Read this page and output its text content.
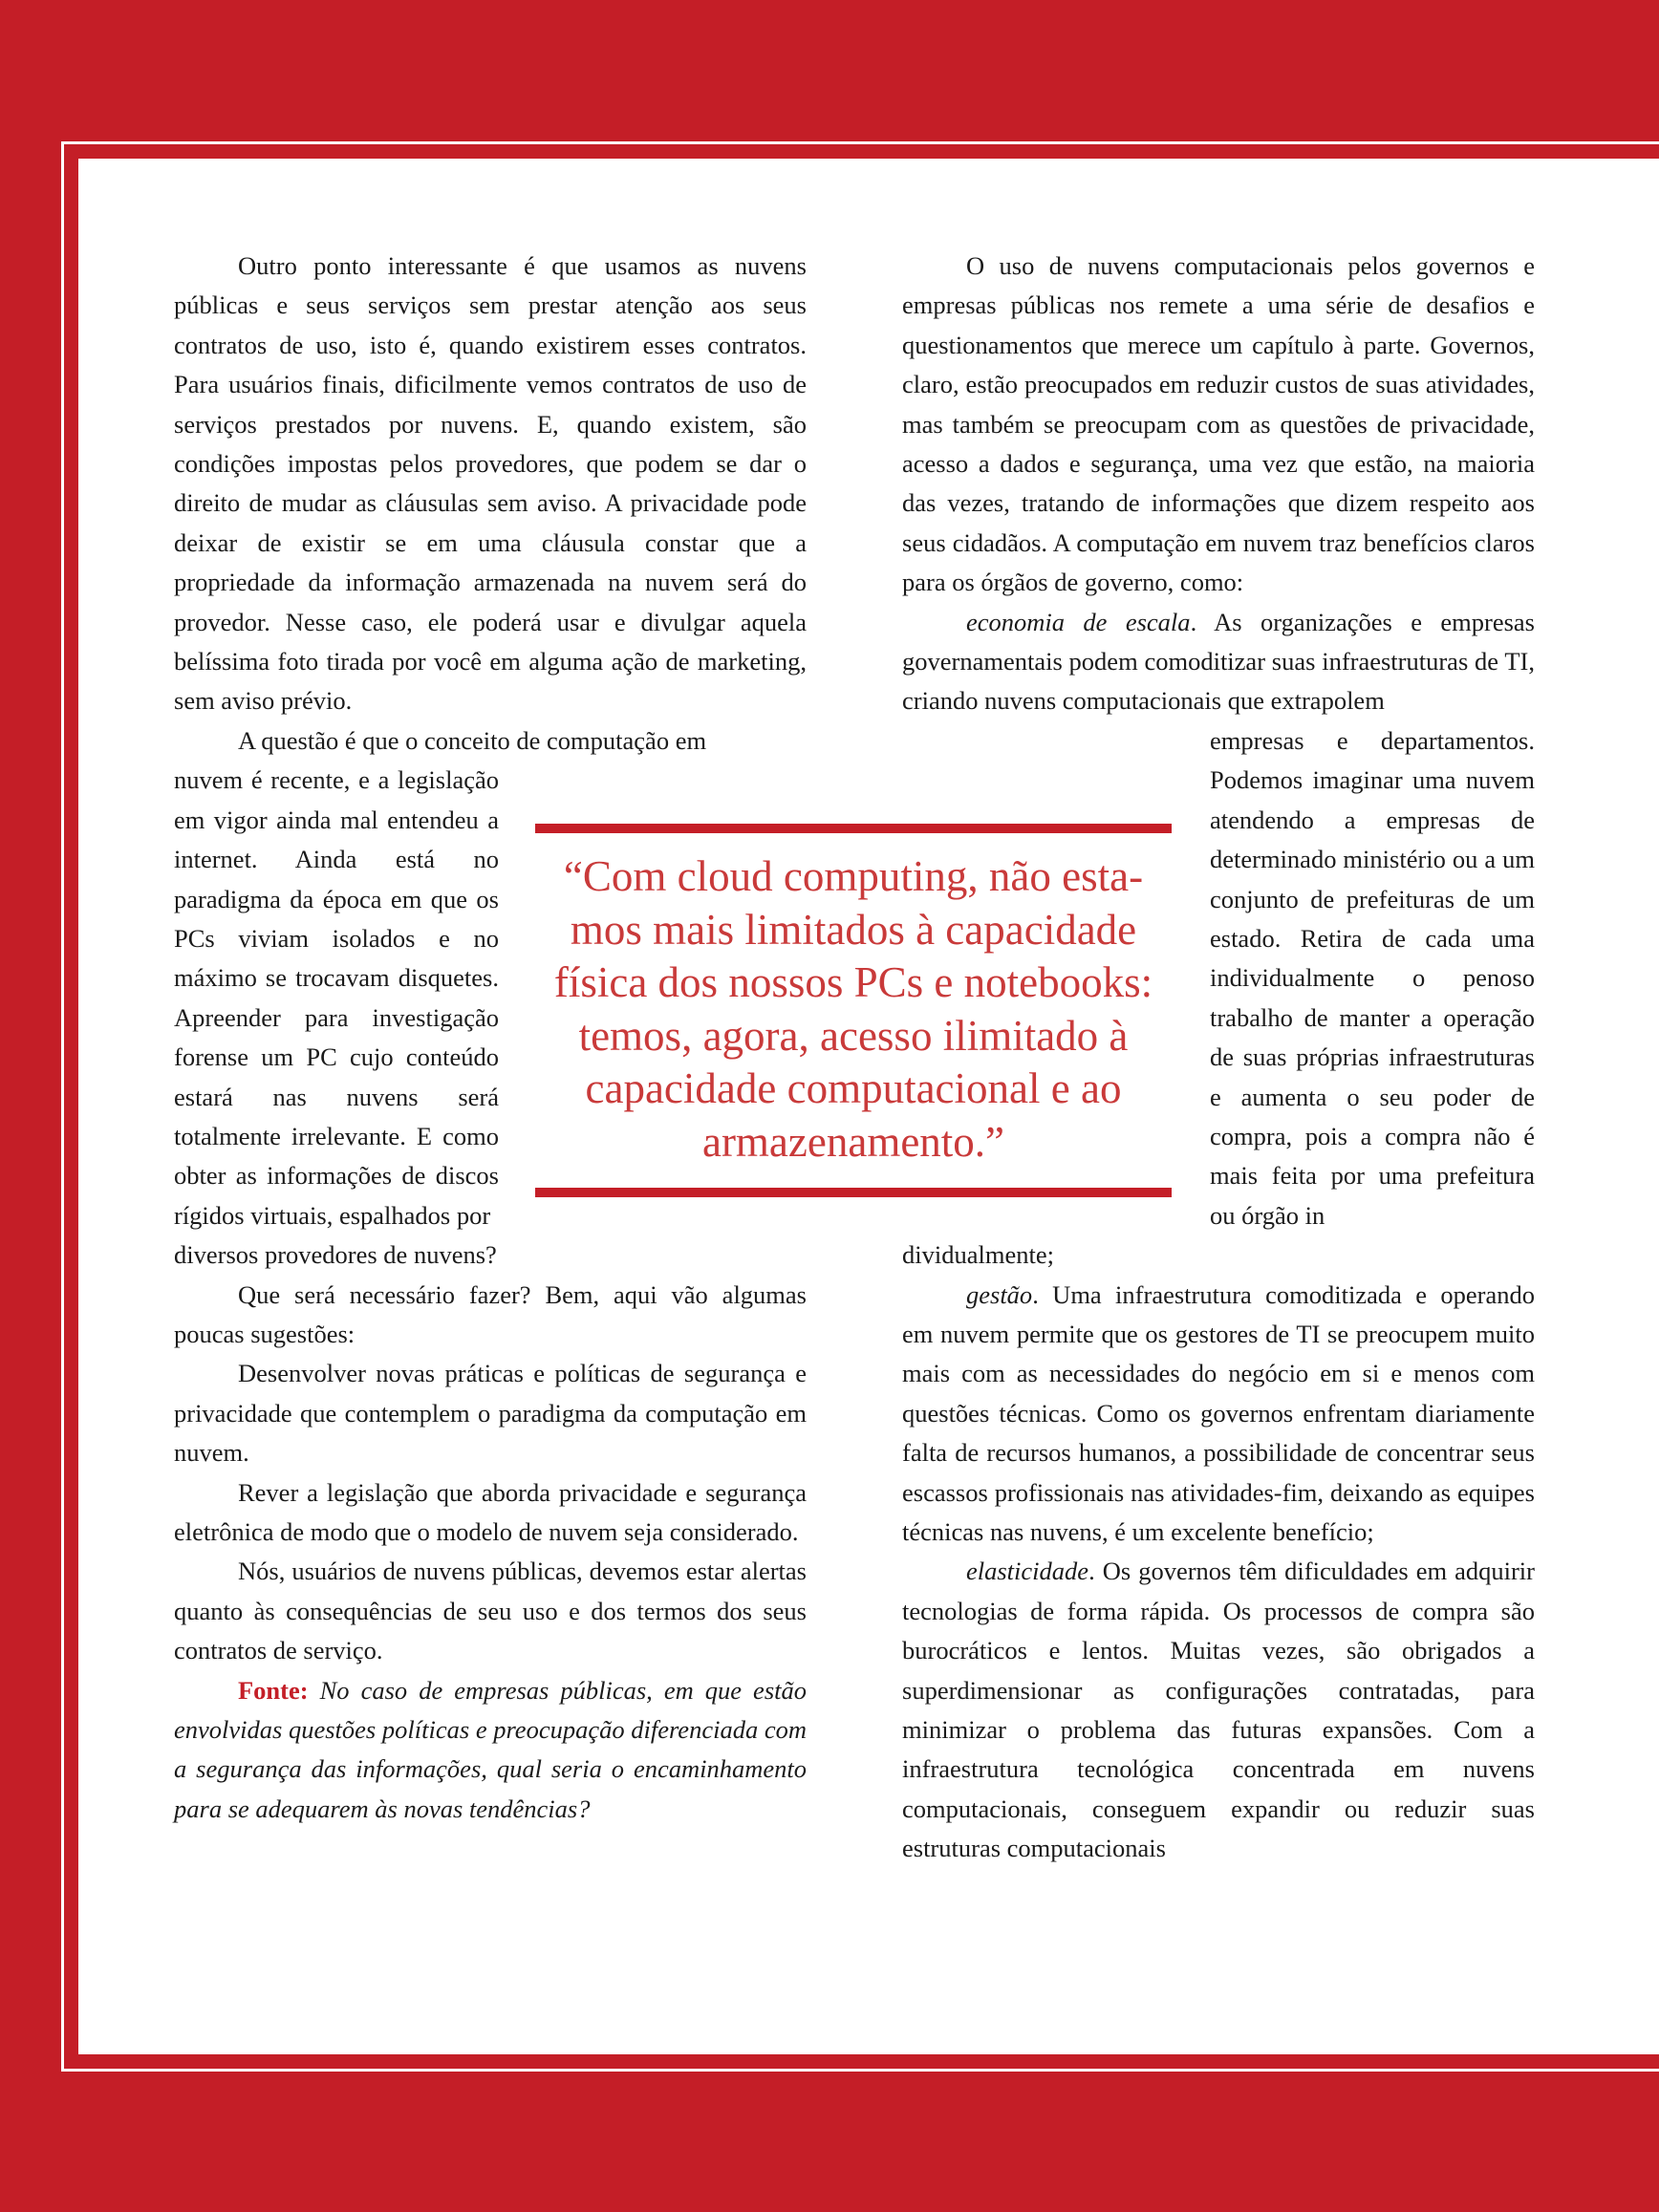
Outro ponto interessante é que usamos as nuvens públicas e seus serviços sem prestar atenção aos seus contratos de uso, isto é, quando existirem esses contratos. Para usuários finais, dificilmente vemos contratos de uso de serviços prestados por nuvens. E, quando existem, são condições impostas pelos provedores, que podem se dar o direito de mudar as cláusulas sem aviso. A privacidade pode deixar de existir se em uma cláusula constar que a propriedade da informação armazenada na nuvem será do provedor. Nesse caso, ele poderá usar e divulgar aquela belíssima foto tirada por você em alguma ação de marketing, sem aviso prévio.

A questão é que o conceito de computação em

nuvem é recente, e a legislação em vigor ainda mal entendeu a internet. Ainda está no paradigma da época em que os PCs viviam isolados e no máximo se trocavam disquetes. Apreender para investigação forense um PC cujo conteúdo estará nas nuvens será totalmente irrelevante. E como obter as informações de discos rígidos virtuais, espalhados por

diversos provedores de nuvens?

Que será necessário fazer? Bem, aqui vão algumas poucas sugestões:

Desenvolver novas práticas e políticas de segurança e privacidade que contemplem o paradigma da computação em nuvem.

Rever a legislação que aborda privacidade e segurança eletrônica de modo que o modelo de nuvem seja considerado.

Nós, usuários de nuvens públicas, devemos estar alertas quanto às consequências de seu uso e dos termos dos seus contratos de serviço.

Fonte: No caso de empresas públicas, em que estão envolvidas questões políticas e preocupação diferenciada com a segurança das informações, qual seria o encaminhamento para se adequarem às novas tendências?

O uso de nuvens computacionais pelos governos e empresas públicas nos remete a uma série de desafios e questionamentos que merece um capítulo à parte. Governos, claro, estão preocupados em reduzir custos de suas atividades, mas também se preocupam com as questões de privacidade, acesso a dados e segurança, uma vez que estão, na maioria das vezes, tratando de informações que dizem respeito aos seus cidadãos. A computação em nuvem traz benefícios claros para os órgãos de governo, como:

economia de escala. As organizações e empresas governamentais podem comoditizar suas infraestruturas de TI, criando nuvens computacionais que extrapolem

empresas e departamentos. Podemos imaginar uma nuvem atendendo a empresas de determinado ministério ou a um conjunto de prefeituras de um estado. Retira de cada uma individualmente o penoso trabalho de manter a operação de suas próprias infraestruturas e aumenta o seu poder de compra, pois a compra não é mais feita por uma prefeitura ou órgão in

dividualmente;

gestão. Uma infraestrutura comoditizada e operando em nuvem permite que os gestores de TI se preocupem muito mais com as necessidades do negócio em si e menos com questões técnicas. Como os governos enfrentam diariamente falta de recursos humanos, a possibilidade de concentrar seus escassos profissionais nas atividades-fim, deixando as equipes técnicas nas nuvens, é um excelente benefício;

elasticidade. Os governos têm dificuldades em adquirir tecnologias de forma rápida. Os processos de compra são burocráticos e lentos. Muitas vezes, são obrigados a superdimensionar as configurações contratadas, para minimizar o problema das futuras expansões. Com a infraestrutura tecnológica concentrada em nuvens computacionais, conseguem expandir ou reduzir suas estruturas computacionais

“Com cloud computing, não estamos mais limitados à capacidade física dos nossos PCs e notebooks: temos, agora, acesso ilimitado à capacidade computacional e ao armazenamento.”
